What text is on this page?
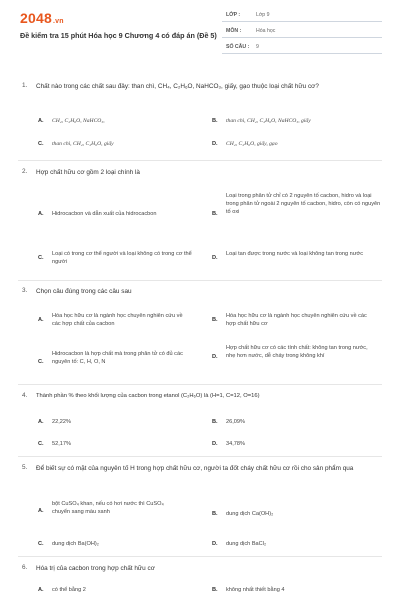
2048.vn
Đề kiểm tra 15 phút Hóa học 9 Chương 4 có đáp án (Đề 5)
LỚP :	Lớp 9
MÔN :	Hóa học
SỐ CÂU : 9
1. Chất nào trong các chất sau đây: than chì, CH₄, C₂H₆O, NaHCO₃, giấy, gạo thuộc loại chất hữu cơ?
A. CH₄, C₂H₆O, NaHCO₃,	B. than chì, CH₄, C₂H₆O, NaHCO₃, giấy
C. than chì, CH₄, C₂H₆O, giấy	D. CH₄, C₂H₆O, giấy, gạo
2. Hợp chất hữu cơ gồm 2 loại chính là
A. Hidrocacbon và dẫn xuất của hidrocacbon	B.
Loại trong phân tử chỉ có 2 nguyên tố cacbon, hidro và loại trong phân tử ngoài 2 nguyên tố cacbon, hidro, còn có nguyên tố oxi
C.
Loại có trong cơ thể người và loại không có trong cơ thể người
D.
Loại tan được trong nước và loại không tan trong nước
3. Chọn câu đúng trong các câu sau
A.
Hóa học hữu cơ là ngành học chuyên nghiên cứu về các hợp chất của cacbon
B.
Hóa học hữu cơ là ngành học chuyên nghiên cứu về các hợp chất hữu cơ
C.
Hidrocacbon là hợp chất mà trong phân tử có đủ các nguyên tố: C, H, O, N
D.
Hợp chất hữu cơ có các tính chất: không tan trong nước, nhẹ hơn nước, dễ cháy trong không khí
4. Thành phần % theo khối lượng của cacbon trong etanol (C₂H₆O) là (H=1, C=12, O=16)
A. 22,22%	B. 26,09%
C. 52,17%	D. 34,78%
5. Để biết sự có mặt của nguyên tố H trong hợp chất hữu cơ, người ta đốt cháy chất hữu cơ rồi cho sản phẩm qua
A.
bột CuSO₄ khan, nếu có hơi nước thì CuSO₄ chuyển sang màu xanh	B. dung dịch Ca(OH)₂
C. dung dịch Ba(OH)₂	D. dung dịch BaCl₂
6. Hóa trị của cacbon trong hợp chất hữu cơ
A. có thể bằng 2	B. không nhất thiết bằng 4
